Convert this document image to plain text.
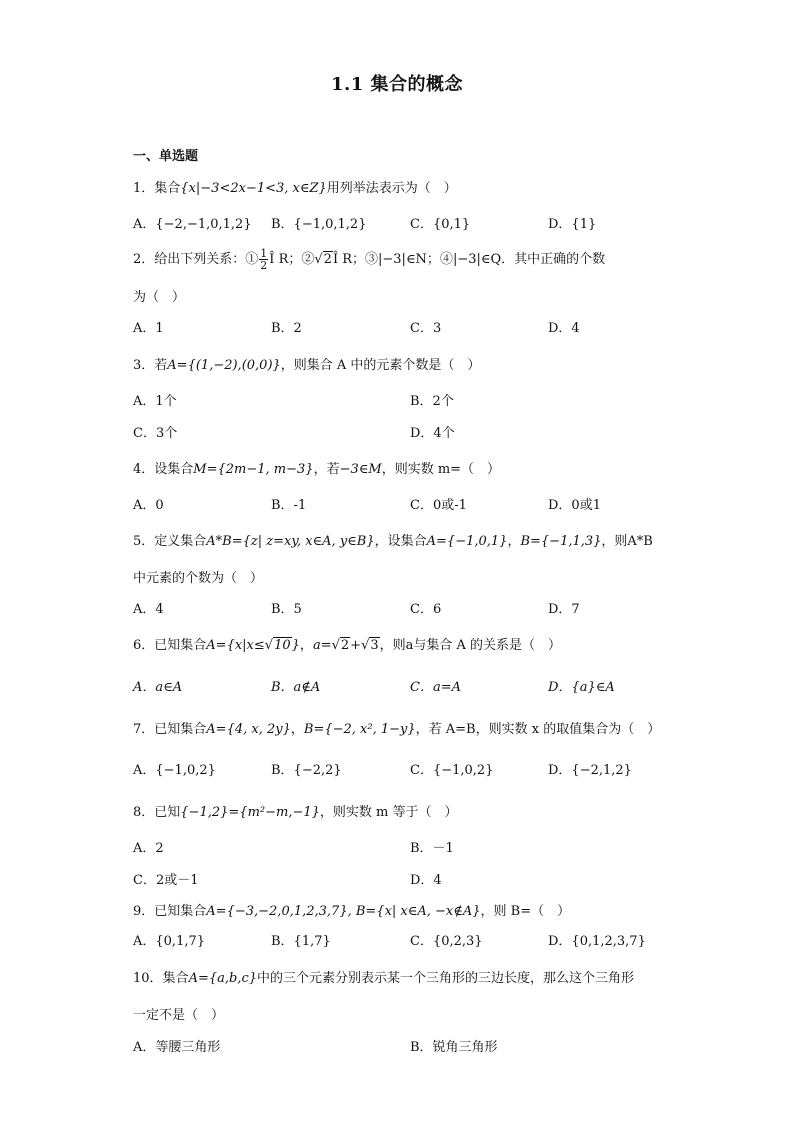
1.1 集合的概念
一、单选题
1．集合{x|−3<2x−1<3, x∈Z}用列举法表示为（　）
A．{−2,−1,0,1,2} B．{−1,0,1,2}	C．{0,1}	D．{1}
2．给出下列关系：① $\frac{1}{2}$ Î R；②√2Î R；③|−3|∈N；④|−3|∈Q．其中正确的个数
为（　）
A．1	B．2	C．3	D．4
3．若A={(1,−2),(0,0)}，则集合 A 中的元素个数是（　）
A．1个	B．2个
C．3个	D．4个
4．设集合M={2m−1, m−3}，若−3∈M，则实数 m=（　）
A．0	B．-1	C．0或-1	D．0或1
5．定义集合A*B={z| z=xy, x∈A, y∈B}，设集合A={−1,0,1}，B={−1,1,3}，则A*B
中元素的个数为（　）
A．4	B．5	C．6	D．7
6．已知集合A={x|x≤√10}，a=√2+√3，则a与集合 A 的关系是（　）
A．a∈A	B．a∉A	C．a=A	D．{a}∈A
7．已知集合A={4, x, 2y}，B={−2, x², 1−y}，若 A=B，则实数 x 的取值集合为（　）
A．{−1,0,2}	B．{−2,2}	C．{−1,0,2}	D．{−2,1,2}
8．已知{−1,2}={m²−m,−1}，则实数 m 等于（　）
A．2	B．－1
C．2或－1	D．4
9．已知集合A={−3,−2,0,1,2,3,7}, B={x| x∈A, −x∉A}，则 B=（　）
A．{0,1,7}	B．{1,7}	C．{0,2,3}	D．{0,1,2,3,7}
10．集合A={a,b,c}中的三个元素分别表示某一个三角形的三边长度，那么这个三角形
一定不是（　）
A．等腰三角形	B．锐角三角形
